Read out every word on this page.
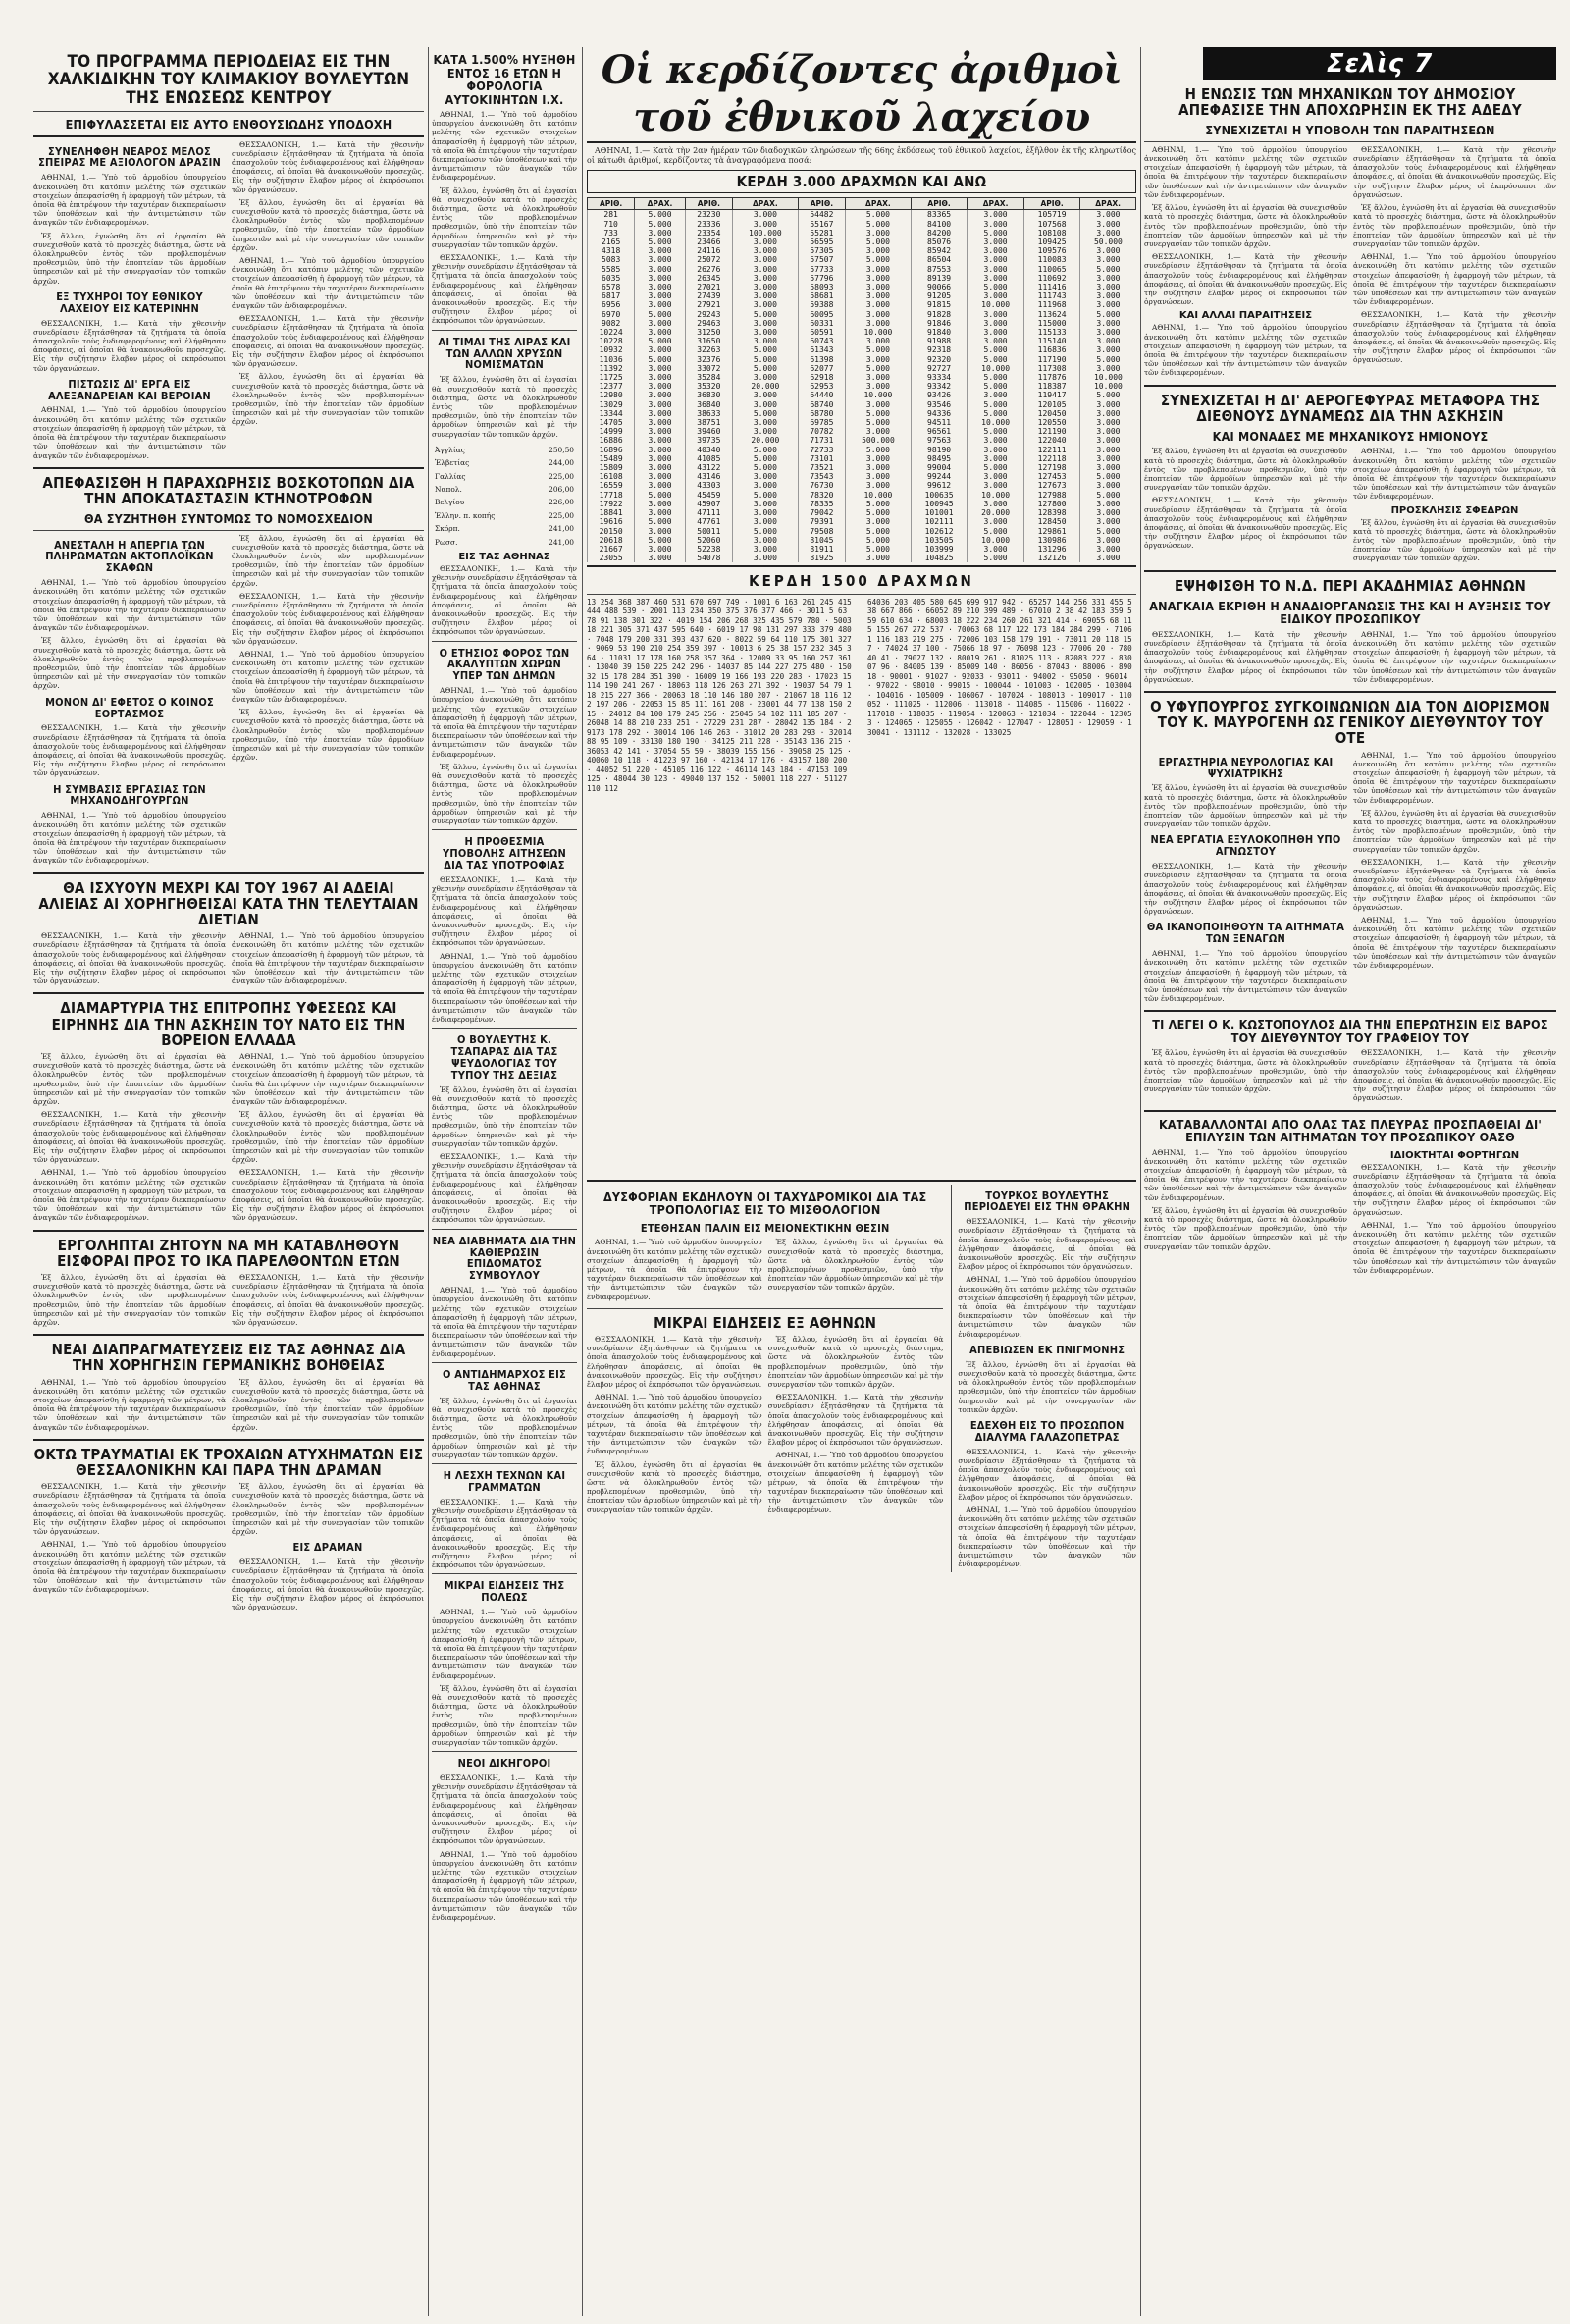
ΤΟ ΠΡΟΓΡΑΜΜΑ ΠΕΡΙΟΔΕΙΑΣ ΕΙΣ ΤΗΝ ΧΑΛΚΙΔΙΚΗΝ ΤΟΥ ΚΛΙΜΑΚΙΟΥ ΒΟΥΛΕΥΤΩΝ ΤΗΣ ΕΝΩΣΕΩΣ ΚΕΝΤΡΟΥ
ΕΠΙΦΥΛΑΣΣΕΤΑΙ ΕΙΣ ΑΥΤΟ ΕΝΘΟΥΣΙΩΔΗΣ ΥΠΟΔΟΧΗ
ΣΥΝΕΛΗΦΘΗ ΝΕΑΡΟΣ ΜΕΛΟΣ ΣΠΕΙΡΑΣ ΜΕ ΑΞΙΟΛΟΓΟΝ ΔΡΑΣΙΝ

ΑΘΗΝΑΙ, 1.— Ὑπὸ τοῦ ἁρμοδίου ὑπουργείου ἀνεκοινώθη ὅτι κατόπιν μελέτης τῶν σχετικῶν στοιχείων ἀπεφασίσθη ἡ ἐφαρμογὴ τῶν μέτρων, τὰ ὁποῖα θὰ ἐπιτρέψουν τὴν ταχυτέραν διεκπεραίωσιν τῶν ὑποθέσεων καὶ τὴν ἀντιμετώπισιν τῶν ἀναγκῶν τῶν ἐνδιαφερομένων.

Ἐξ ἄλλου, ἐγνώσθη ὅτι αἱ ἐργασίαι θὰ συνεχισθοῦν κατὰ τὸ προσεχὲς διάστημα, ὥστε νὰ ὁλοκληρωθοῦν ἐντὸς τῶν προβλεπομένων προθεσμιῶν, ὑπὸ τὴν ἐποπτείαν τῶν ἁρμοδίων ὑπηρεσιῶν καὶ μὲ τὴν συνεργασίαν τῶν τοπικῶν ἀρχῶν.

ΕΞ ΤΥΧΗΡΟΙ ΤΟΥ ΕΘΝΙΚΟΥ ΛΑΧΕΙΟΥ ΕΙΣ ΚΑΤΕΡΙΝΗΝ

ΘΕΣΣΑΛΟΝΙΚΗ, 1.— Κατὰ τὴν χθεσινὴν συνεδρίασιν ἐξητάσθησαν τὰ ζητήματα τὰ ὁποῖα ἀπασχολοῦν τοὺς ἐνδιαφερομένους καὶ ἐλήφθησαν ἀποφάσεις, αἱ ὁποῖαι θὰ ἀνακοινωθοῦν προσεχῶς. Εἰς τὴν συζήτησιν ἔλαβον μέρος οἱ ἐκπρόσωποι τῶν ὀργανώσεων.

ΠΙΣΤΩΣΙΣ ΔΙ' ΕΡΓΑ ΕΙΣ ΑΛΕΞΑΝΔΡΕΙΑΝ ΚΑΙ ΒΕΡΟΙΑΝ

ΑΘΗΝΑΙ, 1.— Ὑπὸ τοῦ ἁρμοδίου ὑπουργείου ἀνεκοινώθη ὅτι κατόπιν μελέτης τῶν σχετικῶν στοιχείων ἀπεφασίσθη ἡ ἐφαρμογὴ τῶν μέτρων, τὰ ὁποῖα θὰ ἐπιτρέψουν τὴν ταχυτέραν διεκπεραίωσιν τῶν ὑποθέσεων καὶ τὴν ἀντιμετώπισιν τῶν ἀναγκῶν τῶν ἐνδιαφερομένων.

ΘΕΣΣΑΛΟΝΙΚΗ, 1.— Κατὰ τὴν χθεσινὴν συνεδρίασιν ἐξητάσθησαν τὰ ζητήματα τὰ ὁποῖα ἀπασχολοῦν τοὺς ἐνδιαφερομένους καὶ ἐλήφθησαν ἀποφάσεις, αἱ ὁποῖαι θὰ ἀνακοινωθοῦν προσεχῶς. Εἰς τὴν συζήτησιν ἔλαβον μέρος οἱ ἐκπρόσωποι τῶν ὀργανώσεων.

Ἐξ ἄλλου, ἐγνώσθη ὅτι αἱ ἐργασίαι θὰ συνεχισθοῦν κατὰ τὸ προσεχὲς διάστημα, ὥστε νὰ ὁλοκληρωθοῦν ἐντὸς τῶν προβλεπομένων προθεσμιῶν, ὑπὸ τὴν ἐποπτείαν τῶν ἁρμοδίων ὑπηρεσιῶν καὶ μὲ τὴν συνεργασίαν τῶν τοπικῶν ἀρχῶν.

ΑΘΗΝΑΙ, 1.— Ὑπὸ τοῦ ἁρμοδίου ὑπουργείου ἀνεκοινώθη ὅτι κατόπιν μελέτης τῶν σχετικῶν στοιχείων ἀπεφασίσθη ἡ ἐφαρμογὴ τῶν μέτρων, τὰ ὁποῖα θὰ ἐπιτρέψουν τὴν ταχυτέραν διεκπεραίωσιν τῶν ὑποθέσεων καὶ τὴν ἀντιμετώπισιν τῶν ἀναγκῶν τῶν ἐνδιαφερομένων.

ΘΕΣΣΑΛΟΝΙΚΗ, 1.— Κατὰ τὴν χθεσινὴν συνεδρίασιν ἐξητάσθησαν τὰ ζητήματα τὰ ὁποῖα ἀπασχολοῦν τοὺς ἐνδιαφερομένους καὶ ἐλήφθησαν ἀποφάσεις, αἱ ὁποῖαι θὰ ἀνακοινωθοῦν προσεχῶς. Εἰς τὴν συζήτησιν ἔλαβον μέρος οἱ ἐκπρόσωποι τῶν ὀργανώσεων.

Ἐξ ἄλλου, ἐγνώσθη ὅτι αἱ ἐργασίαι θὰ συνεχισθοῦν κατὰ τὸ προσεχὲς διάστημα, ὥστε νὰ ὁλοκληρωθοῦν ἐντὸς τῶν προβλεπομένων προθεσμιῶν, ὑπὸ τὴν ἐποπτείαν τῶν ἁρμοδίων ὑπηρεσιῶν καὶ μὲ τὴν συνεργασίαν τῶν τοπικῶν ἀρχῶν.

ΑΠΕΦΑΣΙΣΘΗ Η ΠΑΡΑΧΩΡΗΣΙΣ ΒΟΣΚΟΤΟΠΩΝ ΔΙΑ ΤΗΝ ΑΠΟΚΑΤΑΣΤΑΣΙΝ ΚΤΗΝΟΤΡΟΦΩΝ
ΘΑ ΣΥΖΗΤΗΘΗ ΣΥΝΤΟΜΩΣ ΤΟ ΝΟΜΟΣΧΕΔΙΟΝ
ΑΝΕΣΤΑΛΗ Η ΑΠΕΡΓΙΑ ΤΩΝ ΠΛΗΡΩΜΑΤΩΝ ΑΚΤΟΠΛΟΪΚΩΝ ΣΚΑΦΩΝ

ΑΘΗΝΑΙ, 1.— Ὑπὸ τοῦ ἁρμοδίου ὑπουργείου ἀνεκοινώθη ὅτι κατόπιν μελέτης τῶν σχετικῶν στοιχείων ἀπεφασίσθη ἡ ἐφαρμογὴ τῶν μέτρων, τὰ ὁποῖα θὰ ἐπιτρέψουν τὴν ταχυτέραν διεκπεραίωσιν τῶν ὑποθέσεων καὶ τὴν ἀντιμετώπισιν τῶν ἀναγκῶν τῶν ἐνδιαφερομένων.

Ἐξ ἄλλου, ἐγνώσθη ὅτι αἱ ἐργασίαι θὰ συνεχισθοῦν κατὰ τὸ προσεχὲς διάστημα, ὥστε νὰ ὁλοκληρωθοῦν ἐντὸς τῶν προβλεπομένων προθεσμιῶν, ὑπὸ τὴν ἐποπτείαν τῶν ἁρμοδίων ὑπηρεσιῶν καὶ μὲ τὴν συνεργασίαν τῶν τοπικῶν ἀρχῶν.

ΜΟΝΟΝ ΔΙ' ΕΦΕΤΟΣ Ο ΚΟΙΝΟΣ ΕΟΡΤΑΣΜΟΣ

ΘΕΣΣΑΛΟΝΙΚΗ, 1.— Κατὰ τὴν χθεσινὴν συνεδρίασιν ἐξητάσθησαν τὰ ζητήματα τὰ ὁποῖα ἀπασχολοῦν τοὺς ἐνδιαφερομένους καὶ ἐλήφθησαν ἀποφάσεις, αἱ ὁποῖαι θὰ ἀνακοινωθοῦν προσεχῶς. Εἰς τὴν συζήτησιν ἔλαβον μέρος οἱ ἐκπρόσωποι τῶν ὀργανώσεων.

Η ΣΥΜΒΑΣΙΣ ΕΡΓΑΣΙΑΣ ΤΩΝ ΜΗΧΑΝΟΔΗΓΟΥΡΓΩΝ

ΑΘΗΝΑΙ, 1.— Ὑπὸ τοῦ ἁρμοδίου ὑπουργείου ἀνεκοινώθη ὅτι κατόπιν μελέτης τῶν σχετικῶν στοιχείων ἀπεφασίσθη ἡ ἐφαρμογὴ τῶν μέτρων, τὰ ὁποῖα θὰ ἐπιτρέψουν τὴν ταχυτέραν διεκπεραίωσιν τῶν ὑποθέσεων καὶ τὴν ἀντιμετώπισιν τῶν ἀναγκῶν τῶν ἐνδιαφερομένων.

Ἐξ ἄλλου, ἐγνώσθη ὅτι αἱ ἐργασίαι θὰ συνεχισθοῦν κατὰ τὸ προσεχὲς διάστημα, ὥστε νὰ ὁλοκληρωθοῦν ἐντὸς τῶν προβλεπομένων προθεσμιῶν, ὑπὸ τὴν ἐποπτείαν τῶν ἁρμοδίων ὑπηρεσιῶν καὶ μὲ τὴν συνεργασίαν τῶν τοπικῶν ἀρχῶν.

ΘΕΣΣΑΛΟΝΙΚΗ, 1.— Κατὰ τὴν χθεσινὴν συνεδρίασιν ἐξητάσθησαν τὰ ζητήματα τὰ ὁποῖα ἀπασχολοῦν τοὺς ἐνδιαφερομένους καὶ ἐλήφθησαν ἀποφάσεις, αἱ ὁποῖαι θὰ ἀνακοινωθοῦν προσεχῶς. Εἰς τὴν συζήτησιν ἔλαβον μέρος οἱ ἐκπρόσωποι τῶν ὀργανώσεων.

ΑΘΗΝΑΙ, 1.— Ὑπὸ τοῦ ἁρμοδίου ὑπουργείου ἀνεκοινώθη ὅτι κατόπιν μελέτης τῶν σχετικῶν στοιχείων ἀπεφασίσθη ἡ ἐφαρμογὴ τῶν μέτρων, τὰ ὁποῖα θὰ ἐπιτρέψουν τὴν ταχυτέραν διεκπεραίωσιν τῶν ὑποθέσεων καὶ τὴν ἀντιμετώπισιν τῶν ἀναγκῶν τῶν ἐνδιαφερομένων.

Ἐξ ἄλλου, ἐγνώσθη ὅτι αἱ ἐργασίαι θὰ συνεχισθοῦν κατὰ τὸ προσεχὲς διάστημα, ὥστε νὰ ὁλοκληρωθοῦν ἐντὸς τῶν προβλεπομένων προθεσμιῶν, ὑπὸ τὴν ἐποπτείαν τῶν ἁρμοδίων ὑπηρεσιῶν καὶ μὲ τὴν συνεργασίαν τῶν τοπικῶν ἀρχῶν.

ΘΑ ΙΣΧΥΟΥΝ ΜΕΧΡΙ ΚΑΙ ΤΟΥ 1967 ΑΙ ΑΔΕΙΑΙ ΑΛΙΕΙΑΣ ΑΙ ΧΟΡΗΓΗΘΕΙΣΑΙ ΚΑΤΑ ΤΗΝ ΤΕΛΕΥΤΑΙΑΝ ΔΙΕΤΙΑΝ

ΘΕΣΣΑΛΟΝΙΚΗ, 1.— Κατὰ τὴν χθεσινὴν συνεδρίασιν ἐξητάσθησαν τὰ ζητήματα τὰ ὁποῖα ἀπασχολοῦν τοὺς ἐνδιαφερομένους καὶ ἐλήφθησαν ἀποφάσεις, αἱ ὁποῖαι θὰ ἀνακοινωθοῦν προσεχῶς. Εἰς τὴν συζήτησιν ἔλαβον μέρος οἱ ἐκπρόσωποι τῶν ὀργανώσεων.

ΑΘΗΝΑΙ, 1.— Ὑπὸ τοῦ ἁρμοδίου ὑπουργείου ἀνεκοινώθη ὅτι κατόπιν μελέτης τῶν σχετικῶν στοιχείων ἀπεφασίσθη ἡ ἐφαρμογὴ τῶν μέτρων, τὰ ὁποῖα θὰ ἐπιτρέψουν τὴν ταχυτέραν διεκπεραίωσιν τῶν ὑποθέσεων καὶ τὴν ἀντιμετώπισιν τῶν ἀναγκῶν τῶν ἐνδιαφερομένων.

ΔΙΑΜΑΡΤΥΡΙΑ ΤΗΣ ΕΠΙΤΡΟΠΗΣ ΥΦΕΣΕΩΣ ΚΑΙ ΕΙΡΗΝΗΣ ΔΙΑ ΤΗΝ ΑΣΚΗΣΙΝ ΤΟΥ ΝΑΤΟ ΕΙΣ ΤΗΝ ΒΟΡΕΙΟΝ ΕΛΛΑΔΑ

Ἐξ ἄλλου, ἐγνώσθη ὅτι αἱ ἐργασίαι θὰ συνεχισθοῦν κατὰ τὸ προσεχὲς διάστημα, ὥστε νὰ ὁλοκληρωθοῦν ἐντὸς τῶν προβλεπομένων προθεσμιῶν, ὑπὸ τὴν ἐποπτείαν τῶν ἁρμοδίων ὑπηρεσιῶν καὶ μὲ τὴν συνεργασίαν τῶν τοπικῶν ἀρχῶν.

ΘΕΣΣΑΛΟΝΙΚΗ, 1.— Κατὰ τὴν χθεσινὴν συνεδρίασιν ἐξητάσθησαν τὰ ζητήματα τὰ ὁποῖα ἀπασχολοῦν τοὺς ἐνδιαφερομένους καὶ ἐλήφθησαν ἀποφάσεις, αἱ ὁποῖαι θὰ ἀνακοινωθοῦν προσεχῶς. Εἰς τὴν συζήτησιν ἔλαβον μέρος οἱ ἐκπρόσωποι τῶν ὀργανώσεων.

ΑΘΗΝΑΙ, 1.— Ὑπὸ τοῦ ἁρμοδίου ὑπουργείου ἀνεκοινώθη ὅτι κατόπιν μελέτης τῶν σχετικῶν στοιχείων ἀπεφασίσθη ἡ ἐφαρμογὴ τῶν μέτρων, τὰ ὁποῖα θὰ ἐπιτρέψουν τὴν ταχυτέραν διεκπεραίωσιν τῶν ὑποθέσεων καὶ τὴν ἀντιμετώπισιν τῶν ἀναγκῶν τῶν ἐνδιαφερομένων.

ΑΘΗΝΑΙ, 1.— Ὑπὸ τοῦ ἁρμοδίου ὑπουργείου ἀνεκοινώθη ὅτι κατόπιν μελέτης τῶν σχετικῶν στοιχείων ἀπεφασίσθη ἡ ἐφαρμογὴ τῶν μέτρων, τὰ ὁποῖα θὰ ἐπιτρέψουν τὴν ταχυτέραν διεκπεραίωσιν τῶν ὑποθέσεων καὶ τὴν ἀντιμετώπισιν τῶν ἀναγκῶν τῶν ἐνδιαφερομένων.

Ἐξ ἄλλου, ἐγνώσθη ὅτι αἱ ἐργασίαι θὰ συνεχισθοῦν κατὰ τὸ προσεχὲς διάστημα, ὥστε νὰ ὁλοκληρωθοῦν ἐντὸς τῶν προβλεπομένων προθεσμιῶν, ὑπὸ τὴν ἐποπτείαν τῶν ἁρμοδίων ὑπηρεσιῶν καὶ μὲ τὴν συνεργασίαν τῶν τοπικῶν ἀρχῶν.

ΘΕΣΣΑΛΟΝΙΚΗ, 1.— Κατὰ τὴν χθεσινὴν συνεδρίασιν ἐξητάσθησαν τὰ ζητήματα τὰ ὁποῖα ἀπασχολοῦν τοὺς ἐνδιαφερομένους καὶ ἐλήφθησαν ἀποφάσεις, αἱ ὁποῖαι θὰ ἀνακοινωθοῦν προσεχῶς. Εἰς τὴν συζήτησιν ἔλαβον μέρος οἱ ἐκπρόσωποι τῶν ὀργανώσεων.

ΕΡΓΟΛΗΠΤΑΙ ΖΗΤΟΥΝ ΝΑ ΜΗ ΚΑΤΑΒΛΗΘΟΥΝ ΕΙΣΦΟΡΑΙ ΠΡΟΣ ΤΟ ΙΚΑ ΠΑΡΕΛΘΟΝΤΩΝ ΕΤΩΝ

Ἐξ ἄλλου, ἐγνώσθη ὅτι αἱ ἐργασίαι θὰ συνεχισθοῦν κατὰ τὸ προσεχὲς διάστημα, ὥστε νὰ ὁλοκληρωθοῦν ἐντὸς τῶν προβλεπομένων προθεσμιῶν, ὑπὸ τὴν ἐποπτείαν τῶν ἁρμοδίων ὑπηρεσιῶν καὶ μὲ τὴν συνεργασίαν τῶν τοπικῶν ἀρχῶν.

ΘΕΣΣΑΛΟΝΙΚΗ, 1.— Κατὰ τὴν χθεσινὴν συνεδρίασιν ἐξητάσθησαν τὰ ζητήματα τὰ ὁποῖα ἀπασχολοῦν τοὺς ἐνδιαφερομένους καὶ ἐλήφθησαν ἀποφάσεις, αἱ ὁποῖαι θὰ ἀνακοινωθοῦν προσεχῶς. Εἰς τὴν συζήτησιν ἔλαβον μέρος οἱ ἐκπρόσωποι τῶν ὀργανώσεων.

ΝΕΑΙ ΔΙΑΠΡΑΓΜΑΤΕΥΣΕΙΣ ΕΙΣ ΤΑΣ ΑΘΗΝΑΣ ΔΙΑ ΤΗΝ ΧΟΡΗΓΗΣΙΝ ΓΕΡΜΑΝΙΚΗΣ ΒΟΗΘΕΙΑΣ

ΑΘΗΝΑΙ, 1.— Ὑπὸ τοῦ ἁρμοδίου ὑπουργείου ἀνεκοινώθη ὅτι κατόπιν μελέτης τῶν σχετικῶν στοιχείων ἀπεφασίσθη ἡ ἐφαρμογὴ τῶν μέτρων, τὰ ὁποῖα θὰ ἐπιτρέψουν τὴν ταχυτέραν διεκπεραίωσιν τῶν ὑποθέσεων καὶ τὴν ἀντιμετώπισιν τῶν ἀναγκῶν τῶν ἐνδιαφερομένων.

Ἐξ ἄλλου, ἐγνώσθη ὅτι αἱ ἐργασίαι θὰ συνεχισθοῦν κατὰ τὸ προσεχὲς διάστημα, ὥστε νὰ ὁλοκληρωθοῦν ἐντὸς τῶν προβλεπομένων προθεσμιῶν, ὑπὸ τὴν ἐποπτείαν τῶν ἁρμοδίων ὑπηρεσιῶν καὶ μὲ τὴν συνεργασίαν τῶν τοπικῶν ἀρχῶν.

ΟΚΤΩ ΤΡΑΥΜΑΤΙΑΙ ΕΚ ΤΡΟΧΑΙΩΝ ΑΤΥΧΗΜΑΤΩΝ ΕΙΣ ΘΕΣΣΑΛΟΝΙΚΗΝ ΚΑΙ ΠΑΡΑ ΤΗΝ ΔΡΑΜΑΝ

ΘΕΣΣΑΛΟΝΙΚΗ, 1.— Κατὰ τὴν χθεσινὴν συνεδρίασιν ἐξητάσθησαν τὰ ζητήματα τὰ ὁποῖα ἀπασχολοῦν τοὺς ἐνδιαφερομένους καὶ ἐλήφθησαν ἀποφάσεις, αἱ ὁποῖαι θὰ ἀνακοινωθοῦν προσεχῶς. Εἰς τὴν συζήτησιν ἔλαβον μέρος οἱ ἐκπρόσωποι τῶν ὀργανώσεων.

ΑΘΗΝΑΙ, 1.— Ὑπὸ τοῦ ἁρμοδίου ὑπουργείου ἀνεκοινώθη ὅτι κατόπιν μελέτης τῶν σχετικῶν στοιχείων ἀπεφασίσθη ἡ ἐφαρμογὴ τῶν μέτρων, τὰ ὁποῖα θὰ ἐπιτρέψουν τὴν ταχυτέραν διεκπεραίωσιν τῶν ὑποθέσεων καὶ τὴν ἀντιμετώπισιν τῶν ἀναγκῶν τῶν ἐνδιαφερομένων.

Ἐξ ἄλλου, ἐγνώσθη ὅτι αἱ ἐργασίαι θὰ συνεχισθοῦν κατὰ τὸ προσεχὲς διάστημα, ὥστε νὰ ὁλοκληρωθοῦν ἐντὸς τῶν προβλεπομένων προθεσμιῶν, ὑπὸ τὴν ἐποπτείαν τῶν ἁρμοδίων ὑπηρεσιῶν καὶ μὲ τὴν συνεργασίαν τῶν τοπικῶν ἀρχῶν.

ΕΙΣ ΔΡΑΜΑΝ

ΘΕΣΣΑΛΟΝΙΚΗ, 1.— Κατὰ τὴν χθεσινὴν συνεδρίασιν ἐξητάσθησαν τὰ ζητήματα τὰ ὁποῖα ἀπασχολοῦν τοὺς ἐνδιαφερομένους καὶ ἐλήφθησαν ἀποφάσεις, αἱ ὁποῖαι θὰ ἀνακοινωθοῦν προσεχῶς. Εἰς τὴν συζήτησιν ἔλαβον μέρος οἱ ἐκπρόσωποι τῶν ὀργανώσεων.

ΚΑΤΑ 1.500% ΗΥΞΗΘΗ ΕΝΤΟΣ 16 ΕΤΩΝ Η ΦΟΡΟΛΟΓΙΑ ΑΥΤΟΚΙΝΗΤΩΝ Ι.Χ.

ΑΘΗΝΑΙ, 1.— Ὑπὸ τοῦ ἁρμοδίου ὑπουργείου ἀνεκοινώθη ὅτι κατόπιν μελέτης τῶν σχετικῶν στοιχείων ἀπεφασίσθη ἡ ἐφαρμογὴ τῶν μέτρων, τὰ ὁποῖα θὰ ἐπιτρέψουν τὴν ταχυτέραν διεκπεραίωσιν τῶν ὑποθέσεων καὶ τὴν ἀντιμετώπισιν τῶν ἀναγκῶν τῶν ἐνδιαφερομένων.

Ἐξ ἄλλου, ἐγνώσθη ὅτι αἱ ἐργασίαι θὰ συνεχισθοῦν κατὰ τὸ προσεχὲς διάστημα, ὥστε νὰ ὁλοκληρωθοῦν ἐντὸς τῶν προβλεπομένων προθεσμιῶν, ὑπὸ τὴν ἐποπτείαν τῶν ἁρμοδίων ὑπηρεσιῶν καὶ μὲ τὴν συνεργασίαν τῶν τοπικῶν ἀρχῶν.

ΘΕΣΣΑΛΟΝΙΚΗ, 1.— Κατὰ τὴν χθεσινὴν συνεδρίασιν ἐξητάσθησαν τὰ ζητήματα τὰ ὁποῖα ἀπασχολοῦν τοὺς ἐνδιαφερομένους καὶ ἐλήφθησαν ἀποφάσεις, αἱ ὁποῖαι θὰ ἀνακοινωθοῦν προσεχῶς. Εἰς τὴν συζήτησιν ἔλαβον μέρος οἱ ἐκπρόσωποι τῶν ὀργανώσεων.

ΑΙ ΤΙΜΑΙ ΤΗΣ ΛΙΡΑΣ ΚΑΙ ΤΩΝ ΑΛΛΩΝ ΧΡΥΣΩΝ ΝΟΜΙΣΜΑΤΩΝ

Ἐξ ἄλλου, ἐγνώσθη ὅτι αἱ ἐργασίαι θὰ συνεχισθοῦν κατὰ τὸ προσεχὲς διάστημα, ὥστε νὰ ὁλοκληρωθοῦν ἐντὸς τῶν προβλεπομένων προθεσμιῶν, ὑπὸ τὴν ἐποπτείαν τῶν ἁρμοδίων ὑπηρεσιῶν καὶ μὲ τὴν συνεργασίαν τῶν τοπικῶν ἀρχῶν.

Ἀγγλίας	250,50
Ἐλβετίας	244,00
Γαλλίας	225,00
Ναπολ.	206,00
Βελγίου	226,00
Ἐλλην. π. κοπής	225,00
Σκόρπ.	241,00
Ρωσσ.	241,00
ΕΙΣ ΤΑΣ ΑΘΗΝΑΣ

ΘΕΣΣΑΛΟΝΙΚΗ, 1.— Κατὰ τὴν χθεσινὴν συνεδρίασιν ἐξητάσθησαν τὰ ζητήματα τὰ ὁποῖα ἀπασχολοῦν τοὺς ἐνδιαφερομένους καὶ ἐλήφθησαν ἀποφάσεις, αἱ ὁποῖαι θὰ ἀνακοινωθοῦν προσεχῶς. Εἰς τὴν συζήτησιν ἔλαβον μέρος οἱ ἐκπρόσωποι τῶν ὀργανώσεων.

Ο ΕΤΗΣΙΟΣ ΦΟΡΟΣ ΤΩΝ ΑΚΑΛΥΠΤΩΝ ΧΩΡΩΝ ΥΠΕΡ ΤΩΝ ΔΗΜΩΝ

ΑΘΗΝΑΙ, 1.— Ὑπὸ τοῦ ἁρμοδίου ὑπουργείου ἀνεκοινώθη ὅτι κατόπιν μελέτης τῶν σχετικῶν στοιχείων ἀπεφασίσθη ἡ ἐφαρμογὴ τῶν μέτρων, τὰ ὁποῖα θὰ ἐπιτρέψουν τὴν ταχυτέραν διεκπεραίωσιν τῶν ὑποθέσεων καὶ τὴν ἀντιμετώπισιν τῶν ἀναγκῶν τῶν ἐνδιαφερομένων.

Ἐξ ἄλλου, ἐγνώσθη ὅτι αἱ ἐργασίαι θὰ συνεχισθοῦν κατὰ τὸ προσεχὲς διάστημα, ὥστε νὰ ὁλοκληρωθοῦν ἐντὸς τῶν προβλεπομένων προθεσμιῶν, ὑπὸ τὴν ἐποπτείαν τῶν ἁρμοδίων ὑπηρεσιῶν καὶ μὲ τὴν συνεργασίαν τῶν τοπικῶν ἀρχῶν.

Η ΠΡΟΘΕΣΜΙΑ ΥΠΟΒΟΛΗΣ ΑΙΤΗΣΕΩΝ ΔΙΑ ΤΑΣ ΥΠΟΤΡΟΦΙΑΣ

ΘΕΣΣΑΛΟΝΙΚΗ, 1.— Κατὰ τὴν χθεσινὴν συνεδρίασιν ἐξητάσθησαν τὰ ζητήματα τὰ ὁποῖα ἀπασχολοῦν τοὺς ἐνδιαφερομένους καὶ ἐλήφθησαν ἀποφάσεις, αἱ ὁποῖαι θὰ ἀνακοινωθοῦν προσεχῶς. Εἰς τὴν συζήτησιν ἔλαβον μέρος οἱ ἐκπρόσωποι τῶν ὀργανώσεων.

ΑΘΗΝΑΙ, 1.— Ὑπὸ τοῦ ἁρμοδίου ὑπουργείου ἀνεκοινώθη ὅτι κατόπιν μελέτης τῶν σχετικῶν στοιχείων ἀπεφασίσθη ἡ ἐφαρμογὴ τῶν μέτρων, τὰ ὁποῖα θὰ ἐπιτρέψουν τὴν ταχυτέραν διεκπεραίωσιν τῶν ὑποθέσεων καὶ τὴν ἀντιμετώπισιν τῶν ἀναγκῶν τῶν ἐνδιαφερομένων.

Ο ΒΟΥΛΕΥΤΗΣ Κ. ΤΣΑΠΑΡΑΣ ΔΙΑ ΤΑΣ ΨΕΥΔΟΛΟΓΙΑΣ ΤΟΥ ΤΥΠΟΥ ΤΗΣ ΔΕΞΙΑΣ

Ἐξ ἄλλου, ἐγνώσθη ὅτι αἱ ἐργασίαι θὰ συνεχισθοῦν κατὰ τὸ προσεχὲς διάστημα, ὥστε νὰ ὁλοκληρωθοῦν ἐντὸς τῶν προβλεπομένων προθεσμιῶν, ὑπὸ τὴν ἐποπτείαν τῶν ἁρμοδίων ὑπηρεσιῶν καὶ μὲ τὴν συνεργασίαν τῶν τοπικῶν ἀρχῶν.

ΘΕΣΣΑΛΟΝΙΚΗ, 1.— Κατὰ τὴν χθεσινὴν συνεδρίασιν ἐξητάσθησαν τὰ ζητήματα τὰ ὁποῖα ἀπασχολοῦν τοὺς ἐνδιαφερομένους καὶ ἐλήφθησαν ἀποφάσεις, αἱ ὁποῖαι θὰ ἀνακοινωθοῦν προσεχῶς. Εἰς τὴν συζήτησιν ἔλαβον μέρος οἱ ἐκπρόσωποι τῶν ὀργανώσεων.

ΝΕΑ ΔΙΑΒΗΜΑΤΑ ΔΙΑ ΤΗΝ ΚΑΘΙΕΡΩΣΙΝ ΕΠΙΔΟΜΑΤΟΣ ΣΥΜΒΟΥΛΟΥ

ΑΘΗΝΑΙ, 1.— Ὑπὸ τοῦ ἁρμοδίου ὑπουργείου ἀνεκοινώθη ὅτι κατόπιν μελέτης τῶν σχετικῶν στοιχείων ἀπεφασίσθη ἡ ἐφαρμογὴ τῶν μέτρων, τὰ ὁποῖα θὰ ἐπιτρέψουν τὴν ταχυτέραν διεκπεραίωσιν τῶν ὑποθέσεων καὶ τὴν ἀντιμετώπισιν τῶν ἀναγκῶν τῶν ἐνδιαφερομένων.

Ο ΑΝΤΙΔΗΜΑΡΧΟΣ ΕΙΣ ΤΑΣ ΑΘΗΝΑΣ

Ἐξ ἄλλου, ἐγνώσθη ὅτι αἱ ἐργασίαι θὰ συνεχισθοῦν κατὰ τὸ προσεχὲς διάστημα, ὥστε νὰ ὁλοκληρωθοῦν ἐντὸς τῶν προβλεπομένων προθεσμιῶν, ὑπὸ τὴν ἐποπτείαν τῶν ἁρμοδίων ὑπηρεσιῶν καὶ μὲ τὴν συνεργασίαν τῶν τοπικῶν ἀρχῶν.

Η ΛΕΣΧΗ ΤΕΧΝΩΝ ΚΑΙ ΓΡΑΜΜΑΤΩΝ

ΘΕΣΣΑΛΟΝΙΚΗ, 1.— Κατὰ τὴν χθεσινὴν συνεδρίασιν ἐξητάσθησαν τὰ ζητήματα τὰ ὁποῖα ἀπασχολοῦν τοὺς ἐνδιαφερομένους καὶ ἐλήφθησαν ἀποφάσεις, αἱ ὁποῖαι θὰ ἀνακοινωθοῦν προσεχῶς. Εἰς τὴν συζήτησιν ἔλαβον μέρος οἱ ἐκπρόσωποι τῶν ὀργανώσεων.

ΜΙΚΡΑΙ ΕΙΔΗΣΕΙΣ ΤΗΣ ΠΟΛΕΩΣ

ΑΘΗΝΑΙ, 1.— Ὑπὸ τοῦ ἁρμοδίου ὑπουργείου ἀνεκοινώθη ὅτι κατόπιν μελέτης τῶν σχετικῶν στοιχείων ἀπεφασίσθη ἡ ἐφαρμογὴ τῶν μέτρων, τὰ ὁποῖα θὰ ἐπιτρέψουν τὴν ταχυτέραν διεκπεραίωσιν τῶν ὑποθέσεων καὶ τὴν ἀντιμετώπισιν τῶν ἀναγκῶν τῶν ἐνδιαφερομένων.

Ἐξ ἄλλου, ἐγνώσθη ὅτι αἱ ἐργασίαι θὰ συνεχισθοῦν κατὰ τὸ προσεχὲς διάστημα, ὥστε νὰ ὁλοκληρωθοῦν ἐντὸς τῶν προβλεπομένων προθεσμιῶν, ὑπὸ τὴν ἐποπτείαν τῶν ἁρμοδίων ὑπηρεσιῶν καὶ μὲ τὴν συνεργασίαν τῶν τοπικῶν ἀρχῶν.

ΝΕΟΙ ΔΙΚΗΓΟΡΟΙ

ΘΕΣΣΑΛΟΝΙΚΗ, 1.— Κατὰ τὴν χθεσινὴν συνεδρίασιν ἐξητάσθησαν τὰ ζητήματα τὰ ὁποῖα ἀπασχολοῦν τοὺς ἐνδιαφερομένους καὶ ἐλήφθησαν ἀποφάσεις, αἱ ὁποῖαι θὰ ἀνακοινωθοῦν προσεχῶς. Εἰς τὴν συζήτησιν ἔλαβον μέρος οἱ ἐκπρόσωποι τῶν ὀργανώσεων.

ΑΘΗΝΑΙ, 1.— Ὑπὸ τοῦ ἁρμοδίου ὑπουργείου ἀνεκοινώθη ὅτι κατόπιν μελέτης τῶν σχετικῶν στοιχείων ἀπεφασίσθη ἡ ἐφαρμογὴ τῶν μέτρων, τὰ ὁποῖα θὰ ἐπιτρέψουν τὴν ταχυτέραν διεκπεραίωσιν τῶν ὑποθέσεων καὶ τὴν ἀντιμετώπισιν τῶν ἀναγκῶν τῶν ἐνδιαφερομένων.

Οἱ κερδίζοντες ἀριθμοὶ τοῦ ἐθνικοῦ λαχείου

ΑΘΗΝΑΙ, 1.— Κατὰ τὴν 2αν ἡμέραν τῶν διαδοχικῶν κληρώσεων τῆς 66ης ἐκδόσεως τοῦ ἐθνικοῦ λαχείου, ἐξῆλθον ἐκ τῆς κληρωτίδος οἱ κάτωθι ἀριθμοί, κερδίζοντες τὰ ἀναγραφόμενα ποσά:

ΚΕΡΔΗ 3.000 ΔΡΑΧΜΩΝ ΚΑΙ ΑΝΩ
ΑΡΙΘ.	ΔΡΑΧ.	ΑΡΙΘ.	ΔΡΑΧ.	ΑΡΙΘ.	ΔΡΑΧ.	ΑΡΙΘ.	ΔΡΑΧ.	ΑΡΙΘ.	ΔΡΑΧ.
281	5.000	23230	3.000	54482	5.000	83365	3.000	105719	3.000
710	5.000	23336	3.000	55167	5.000	84100	3.000	107568	3.000
733	3.000	23354	100.000	55281	3.000	84200	5.000	108108	3.000
2165	5.000	23466	3.000	56595	5.000	85076	3.000	109425	50.000
4318	3.000	24116	3.000	57305	3.000	85942	3.000	109576	3.000
5083	3.000	25072	3.000	57507	5.000	86504	3.000	110083	3.000
5585	3.000	26276	3.000	57733	3.000	87553	3.000	110065	5.000
6035	3.000	26345	3.000	57796	3.000	89139	3.000	110692	3.000
6578	3.000	27021	3.000	58093	3.000	90066	5.000	111416	3.000
6817	3.000	27439	3.000	58681	3.000	91205	3.000	111743	3.000
6956	3.000	27921	3.000	59388	3.000	91815	10.000	111968	3.000
6970	5.000	29243	5.000	60095	3.000	91828	3.000	113624	5.000
9082	3.000	29463	3.000	60331	3.000	91846	3.000	115000	3.000
10224	3.000	31250	3.000	60591	10.000	91840	3.000	115133	3.000
10228	5.000	31650	3.000	60743	3.000	91988	3.000	115140	3.000
10932	3.000	32263	5.000	61343	5.000	92318	5.000	116836	3.000
11036	5.000	32376	5.000	61398	3.000	92320	5.000	117190	5.000
11392	3.000	33072	5.000	62077	5.000	92727	10.000	117308	3.000
11725	3.000	35284	3.000	62918	3.000	93334	5.000	117876	10.000
12377	3.000	35320	20.000	62953	3.000	93342	5.000	118387	10.000
12980	3.000	36830	3.000	64440	10.000	93426	3.000	119417	5.000
13029	3.000	36840	3.000	68740	3.000	93546	5.000	120105	3.000
13344	3.000	38633	5.000	68780	5.000	94336	5.000	120450	3.000
14705	3.000	38751	3.000	69785	5.000	94511	10.000	120550	3.000
14999	3.000	39460	3.000	70782	3.000	96561	5.000	121190	3.000
16886	3.000	39735	20.000	71731	500.000	97563	3.000	122040	3.000
16896	3.000	40340	5.000	72733	5.000	98190	3.000	122111	3.000
15489	3.000	41085	5.000	73101	3.000	98495	3.000	122118	3.000
15809	3.000	43122	5.000	73521	3.000	99004	5.000	127198	3.000
16108	3.000	43146	3.000	73543	3.000	99244	3.000	127453	5.000
16559	3.000	43303	3.000	76730	3.000	99612	3.000	127673	3.000
17718	5.000	45459	5.000	78320	10.000	100635	10.000	127988	5.000
17922	3.000	45907	3.000	78335	5.000	100945	3.000	127800	3.000
18841	3.000	47111	3.000	79042	5.000	101001	20.000	128398	3.000
19616	5.000	47761	3.000	79391	3.000	102111	3.000	128450	3.000
20150	3.000	50011	5.000	79508	5.000	102612	5.000	129861	5.000
20618	5.000	52060	3.000	81045	5.000	103505	10.000	130986	3.000
21667	3.000	52238	3.000	81911	5.000	103999	3.000	131296	3.000
23055	3.000	54078	3.000	81925	3.000	104825	5.000	132126	3.000
ΚΕΡΔΗ 1500 ΔΡΑΧΜΩΝ

13 254 368 387 460 531 670 697 749 · 1001 6 163 261 245 415 444 488 539 · 2001 113 234 350 375 376 377 466 · 3011 5 63 78 91 138 301 322 · 4019 154 206 268 325 435 579 780 · 5003 18 221 305 371 437 595 640 · 6019 17 98 131 297 333 379 480 · 7048 179 200 331 393 437 620 · 8022 59 64 110 175 301 327 · 9069 53 190 210 254 359 397 · 10013 6 25 38 157 232 345 364 · 11031 17 178 160 258 357 364 · 12009 33 95 160 257 361 · 13040 39 150 225 242 296 · 14037 85 144 227 275 480 · 15032 15 178 284 351 390 · 16009 19 166 193 220 283 · 17023 15 114 190 241 267 · 18063 118 126 263 271 392 · 19037 54 79 118 215 227 366 · 20063 18 110 146 180 207 · 21067 18 116 122 197 206 · 22053 15 85 111 161 208 · 23001 44 77 138 150 215 · 24012 84 100 179 245 256 · 25045 54 102 111 185 207 · 26048 14 88 210 233 251 · 27229 231 287 · 28042 135 184 · 29173 178 292 · 30014 106 146 263 · 31012 20 283 293 · 32014 88 95 109 · 33130 180 190 · 34125 211 228 · 35143 136 215 · 36053 42 141 · 37054 55 59 · 38039 155 156 · 39058 25 125 · 40060 10 118 · 41223 97 160 · 42134 17 176 · 43157 180 200 · 44052 51 220 · 45105 116 122 · 46114 143 184 · 47153 109 125 · 48044 30 123 · 49040 137 152 · 50001 118 227 · 51127 110 112

64036 203 405 580 645 699 917 942 · 65257 144 256 331 455 538 667 866 · 66052 89 210 399 489 · 67010 2 38 42 183 359 559 610 634 · 68003 18 222 234 260 261 321 414 · 69055 68 115 155 267 272 537 · 70063 68 117 122 173 184 284 299 · 71061 116 183 219 275 · 72006 103 158 179 191 · 73011 20 118 157 · 74024 37 100 · 75066 18 97 · 76098 123 · 77006 20 · 78040 41 · 79027 132 · 80019 261 · 81025 113 · 82083 227 · 83007 96 · 84005 139 · 85009 140 · 86056 · 87043 · 88006 · 89018 · 90001 · 91027 · 92033 · 93011 · 94002 · 95050 · 96014 · 97022 · 98010 · 99015 · 100044 · 101003 · 102005 · 103004 · 104016 · 105009 · 106067 · 107024 · 108013 · 109017 · 110052 · 111025 · 112006 · 113018 · 114085 · 115006 · 116022 · 117018 · 118035 · 119054 · 120063 · 121034 · 122044 · 123053 · 124065 · 125055 · 126042 · 127047 · 128051 · 129059 · 130041 · 131112 · 132028 · 133025

ΔΥΣΦΟΡΙΑΝ ΕΚΔΗΛΟΥΝ ΟΙ ΤΑΧΥΔΡΟΜΙΚΟΙ ΔΙΑ ΤΑΣ ΤΡΟΠΟΛΟΓΙΑΣ ΕΙΣ ΤΟ ΜΙΣΘΟΛΟΓΙΟΝ
ΕΤΕΘΗΣΑΝ ΠΑΛΙΝ ΕΙΣ ΜΕΙΟΝΕΚΤΙΚΗΝ ΘΕΣΙΝ

ΑΘΗΝΑΙ, 1.— Ὑπὸ τοῦ ἁρμοδίου ὑπουργείου ἀνεκοινώθη ὅτι κατόπιν μελέτης τῶν σχετικῶν στοιχείων ἀπεφασίσθη ἡ ἐφαρμογὴ τῶν μέτρων, τὰ ὁποῖα θὰ ἐπιτρέψουν τὴν ταχυτέραν διεκπεραίωσιν τῶν ὑποθέσεων καὶ τὴν ἀντιμετώπισιν τῶν ἀναγκῶν τῶν ἐνδιαφερομένων.

Ἐξ ἄλλου, ἐγνώσθη ὅτι αἱ ἐργασίαι θὰ συνεχισθοῦν κατὰ τὸ προσεχὲς διάστημα, ὥστε νὰ ὁλοκληρωθοῦν ἐντὸς τῶν προβλεπομένων προθεσμιῶν, ὑπὸ τὴν ἐποπτείαν τῶν ἁρμοδίων ὑπηρεσιῶν καὶ μὲ τὴν συνεργασίαν τῶν τοπικῶν ἀρχῶν.

ΜΙΚΡΑΙ ΕΙΔΗΣΕΙΣ ΕΞ ΑΘΗΝΩΝ

ΘΕΣΣΑΛΟΝΙΚΗ, 1.— Κατὰ τὴν χθεσινὴν συνεδρίασιν ἐξητάσθησαν τὰ ζητήματα τὰ ὁποῖα ἀπασχολοῦν τοὺς ἐνδιαφερομένους καὶ ἐλήφθησαν ἀποφάσεις, αἱ ὁποῖαι θὰ ἀνακοινωθοῦν προσεχῶς. Εἰς τὴν συζήτησιν ἔλαβον μέρος οἱ ἐκπρόσωποι τῶν ὀργανώσεων.

ΑΘΗΝΑΙ, 1.— Ὑπὸ τοῦ ἁρμοδίου ὑπουργείου ἀνεκοινώθη ὅτι κατόπιν μελέτης τῶν σχετικῶν στοιχείων ἀπεφασίσθη ἡ ἐφαρμογὴ τῶν μέτρων, τὰ ὁποῖα θὰ ἐπιτρέψουν τὴν ταχυτέραν διεκπεραίωσιν τῶν ὑποθέσεων καὶ τὴν ἀντιμετώπισιν τῶν ἀναγκῶν τῶν ἐνδιαφερομένων.

Ἐξ ἄλλου, ἐγνώσθη ὅτι αἱ ἐργασίαι θὰ συνεχισθοῦν κατὰ τὸ προσεχὲς διάστημα, ὥστε νὰ ὁλοκληρωθοῦν ἐντὸς τῶν προβλεπομένων προθεσμιῶν, ὑπὸ τὴν ἐποπτείαν τῶν ἁρμοδίων ὑπηρεσιῶν καὶ μὲ τὴν συνεργασίαν τῶν τοπικῶν ἀρχῶν.

Ἐξ ἄλλου, ἐγνώσθη ὅτι αἱ ἐργασίαι θὰ συνεχισθοῦν κατὰ τὸ προσεχὲς διάστημα, ὥστε νὰ ὁλοκληρωθοῦν ἐντὸς τῶν προβλεπομένων προθεσμιῶν, ὑπὸ τὴν ἐποπτείαν τῶν ἁρμοδίων ὑπηρεσιῶν καὶ μὲ τὴν συνεργασίαν τῶν τοπικῶν ἀρχῶν.

ΘΕΣΣΑΛΟΝΙΚΗ, 1.— Κατὰ τὴν χθεσινὴν συνεδρίασιν ἐξητάσθησαν τὰ ζητήματα τὰ ὁποῖα ἀπασχολοῦν τοὺς ἐνδιαφερομένους καὶ ἐλήφθησαν ἀποφάσεις, αἱ ὁποῖαι θὰ ἀνακοινωθοῦν προσεχῶς. Εἰς τὴν συζήτησιν ἔλαβον μέρος οἱ ἐκπρόσωποι τῶν ὀργανώσεων.

ΑΘΗΝΑΙ, 1.— Ὑπὸ τοῦ ἁρμοδίου ὑπουργείου ἀνεκοινώθη ὅτι κατόπιν μελέτης τῶν σχετικῶν στοιχείων ἀπεφασίσθη ἡ ἐφαρμογὴ τῶν μέτρων, τὰ ὁποῖα θὰ ἐπιτρέψουν τὴν ταχυτέραν διεκπεραίωσιν τῶν ὑποθέσεων καὶ τὴν ἀντιμετώπισιν τῶν ἀναγκῶν τῶν ἐνδιαφερομένων.

ΤΟΥΡΚΟΣ ΒΟΥΛΕΥΤΗΣ ΠΕΡΙΟΔΕΥΕΙ ΕΙΣ ΤΗΝ ΘΡΑΚΗΝ

ΘΕΣΣΑΛΟΝΙΚΗ, 1.— Κατὰ τὴν χθεσινὴν συνεδρίασιν ἐξητάσθησαν τὰ ζητήματα τὰ ὁποῖα ἀπασχολοῦν τοὺς ἐνδιαφερομένους καὶ ἐλήφθησαν ἀποφάσεις, αἱ ὁποῖαι θὰ ἀνακοινωθοῦν προσεχῶς. Εἰς τὴν συζήτησιν ἔλαβον μέρος οἱ ἐκπρόσωποι τῶν ὀργανώσεων.

ΑΘΗΝΑΙ, 1.— Ὑπὸ τοῦ ἁρμοδίου ὑπουργείου ἀνεκοινώθη ὅτι κατόπιν μελέτης τῶν σχετικῶν στοιχείων ἀπεφασίσθη ἡ ἐφαρμογὴ τῶν μέτρων, τὰ ὁποῖα θὰ ἐπιτρέψουν τὴν ταχυτέραν διεκπεραίωσιν τῶν ὑποθέσεων καὶ τὴν ἀντιμετώπισιν τῶν ἀναγκῶν τῶν ἐνδιαφερομένων.

ΑΠΕΒΙΩΣΕΝ ΕΚ ΠΝΙΓΜΟΝΗΣ

Ἐξ ἄλλου, ἐγνώσθη ὅτι αἱ ἐργασίαι θὰ συνεχισθοῦν κατὰ τὸ προσεχὲς διάστημα, ὥστε νὰ ὁλοκληρωθοῦν ἐντὸς τῶν προβλεπομένων προθεσμιῶν, ὑπὸ τὴν ἐποπτείαν τῶν ἁρμοδίων ὑπηρεσιῶν καὶ μὲ τὴν συνεργασίαν τῶν τοπικῶν ἀρχῶν.

ΕΔΕΧΘΗ ΕΙΣ ΤΟ ΠΡΟΣΩΠΟΝ ΔΙΑΛΥΜΑ ΓΑΛΑΖΟΠΕΤΡΑΣ

ΘΕΣΣΑΛΟΝΙΚΗ, 1.— Κατὰ τὴν χθεσινὴν συνεδρίασιν ἐξητάσθησαν τὰ ζητήματα τὰ ὁποῖα ἀπασχολοῦν τοὺς ἐνδιαφερομένους καὶ ἐλήφθησαν ἀποφάσεις, αἱ ὁποῖαι θὰ ἀνακοινωθοῦν προσεχῶς. Εἰς τὴν συζήτησιν ἔλαβον μέρος οἱ ἐκπρόσωποι τῶν ὀργανώσεων.

ΑΘΗΝΑΙ, 1.— Ὑπὸ τοῦ ἁρμοδίου ὑπουργείου ἀνεκοινώθη ὅτι κατόπιν μελέτης τῶν σχετικῶν στοιχείων ἀπεφασίσθη ἡ ἐφαρμογὴ τῶν μέτρων, τὰ ὁποῖα θὰ ἐπιτρέψουν τὴν ταχυτέραν διεκπεραίωσιν τῶν ὑποθέσεων καὶ τὴν ἀντιμετώπισιν τῶν ἀναγκῶν τῶν ἐνδιαφερομένων.

Σελὶς 7
Η ΕΝΩΣΙΣ ΤΩΝ ΜΗΧΑΝΙΚΩΝ ΤΟΥ ΔΗΜΟΣΙΟΥ ΑΠΕΦΑΣΙΣΕ ΤΗΝ ΑΠΟΧΩΡΗΣΙΝ ΕΚ ΤΗΣ ΑΔΕΔΥ
ΣΥΝΕΧΙΖΕΤΑΙ Η ΥΠΟΒΟΛΗ ΤΩΝ ΠΑΡΑΙΤΗΣΕΩΝ

ΑΘΗΝΑΙ, 1.— Ὑπὸ τοῦ ἁρμοδίου ὑπουργείου ἀνεκοινώθη ὅτι κατόπιν μελέτης τῶν σχετικῶν στοιχείων ἀπεφασίσθη ἡ ἐφαρμογὴ τῶν μέτρων, τὰ ὁποῖα θὰ ἐπιτρέψουν τὴν ταχυτέραν διεκπεραίωσιν τῶν ὑποθέσεων καὶ τὴν ἀντιμετώπισιν τῶν ἀναγκῶν τῶν ἐνδιαφερομένων.

Ἐξ ἄλλου, ἐγνώσθη ὅτι αἱ ἐργασίαι θὰ συνεχισθοῦν κατὰ τὸ προσεχὲς διάστημα, ὥστε νὰ ὁλοκληρωθοῦν ἐντὸς τῶν προβλεπομένων προθεσμιῶν, ὑπὸ τὴν ἐποπτείαν τῶν ἁρμοδίων ὑπηρεσιῶν καὶ μὲ τὴν συνεργασίαν τῶν τοπικῶν ἀρχῶν.

ΘΕΣΣΑΛΟΝΙΚΗ, 1.— Κατὰ τὴν χθεσινὴν συνεδρίασιν ἐξητάσθησαν τὰ ζητήματα τὰ ὁποῖα ἀπασχολοῦν τοὺς ἐνδιαφερομένους καὶ ἐλήφθησαν ἀποφάσεις, αἱ ὁποῖαι θὰ ἀνακοινωθοῦν προσεχῶς. Εἰς τὴν συζήτησιν ἔλαβον μέρος οἱ ἐκπρόσωποι τῶν ὀργανώσεων.

ΚΑΙ ΑΛΛΑΙ ΠΑΡΑΙΤΗΣΕΙΣ

ΑΘΗΝΑΙ, 1.— Ὑπὸ τοῦ ἁρμοδίου ὑπουργείου ἀνεκοινώθη ὅτι κατόπιν μελέτης τῶν σχετικῶν στοιχείων ἀπεφασίσθη ἡ ἐφαρμογὴ τῶν μέτρων, τὰ ὁποῖα θὰ ἐπιτρέψουν τὴν ταχυτέραν διεκπεραίωσιν τῶν ὑποθέσεων καὶ τὴν ἀντιμετώπισιν τῶν ἀναγκῶν τῶν ἐνδιαφερομένων.

ΘΕΣΣΑΛΟΝΙΚΗ, 1.— Κατὰ τὴν χθεσινὴν συνεδρίασιν ἐξητάσθησαν τὰ ζητήματα τὰ ὁποῖα ἀπασχολοῦν τοὺς ἐνδιαφερομένους καὶ ἐλήφθησαν ἀποφάσεις, αἱ ὁποῖαι θὰ ἀνακοινωθοῦν προσεχῶς. Εἰς τὴν συζήτησιν ἔλαβον μέρος οἱ ἐκπρόσωποι τῶν ὀργανώσεων.

Ἐξ ἄλλου, ἐγνώσθη ὅτι αἱ ἐργασίαι θὰ συνεχισθοῦν κατὰ τὸ προσεχὲς διάστημα, ὥστε νὰ ὁλοκληρωθοῦν ἐντὸς τῶν προβλεπομένων προθεσμιῶν, ὑπὸ τὴν ἐποπτείαν τῶν ἁρμοδίων ὑπηρεσιῶν καὶ μὲ τὴν συνεργασίαν τῶν τοπικῶν ἀρχῶν.

ΑΘΗΝΑΙ, 1.— Ὑπὸ τοῦ ἁρμοδίου ὑπουργείου ἀνεκοινώθη ὅτι κατόπιν μελέτης τῶν σχετικῶν στοιχείων ἀπεφασίσθη ἡ ἐφαρμογὴ τῶν μέτρων, τὰ ὁποῖα θὰ ἐπιτρέψουν τὴν ταχυτέραν διεκπεραίωσιν τῶν ὑποθέσεων καὶ τὴν ἀντιμετώπισιν τῶν ἀναγκῶν τῶν ἐνδιαφερομένων.

ΘΕΣΣΑΛΟΝΙΚΗ, 1.— Κατὰ τὴν χθεσινὴν συνεδρίασιν ἐξητάσθησαν τὰ ζητήματα τὰ ὁποῖα ἀπασχολοῦν τοὺς ἐνδιαφερομένους καὶ ἐλήφθησαν ἀποφάσεις, αἱ ὁποῖαι θὰ ἀνακοινωθοῦν προσεχῶς. Εἰς τὴν συζήτησιν ἔλαβον μέρος οἱ ἐκπρόσωποι τῶν ὀργανώσεων.

ΣΥΝΕΧΙΖΕΤΑΙ Η ΔΙ' ΑΕΡΟΓΕΦΥΡΑΣ ΜΕΤΑΦΟΡΑ ΤΗΣ ΔΙΕΘΝΟΥΣ ΔΥΝΑΜΕΩΣ ΔΙΑ ΤΗΝ ΑΣΚΗΣΙΝ
ΚΑΙ ΜΟΝΑΔΕΣ ΜΕ ΜΗΧΑΝΙΚΟΥΣ ΗΜΙΟΝΟΥΣ

Ἐξ ἄλλου, ἐγνώσθη ὅτι αἱ ἐργασίαι θὰ συνεχισθοῦν κατὰ τὸ προσεχὲς διάστημα, ὥστε νὰ ὁλοκληρωθοῦν ἐντὸς τῶν προβλεπομένων προθεσμιῶν, ὑπὸ τὴν ἐποπτείαν τῶν ἁρμοδίων ὑπηρεσιῶν καὶ μὲ τὴν συνεργασίαν τῶν τοπικῶν ἀρχῶν.

ΘΕΣΣΑΛΟΝΙΚΗ, 1.— Κατὰ τὴν χθεσινὴν συνεδρίασιν ἐξητάσθησαν τὰ ζητήματα τὰ ὁποῖα ἀπασχολοῦν τοὺς ἐνδιαφερομένους καὶ ἐλήφθησαν ἀποφάσεις, αἱ ὁποῖαι θὰ ἀνακοινωθοῦν προσεχῶς. Εἰς τὴν συζήτησιν ἔλαβον μέρος οἱ ἐκπρόσωποι τῶν ὀργανώσεων.

ΑΘΗΝΑΙ, 1.— Ὑπὸ τοῦ ἁρμοδίου ὑπουργείου ἀνεκοινώθη ὅτι κατόπιν μελέτης τῶν σχετικῶν στοιχείων ἀπεφασίσθη ἡ ἐφαρμογὴ τῶν μέτρων, τὰ ὁποῖα θὰ ἐπιτρέψουν τὴν ταχυτέραν διεκπεραίωσιν τῶν ὑποθέσεων καὶ τὴν ἀντιμετώπισιν τῶν ἀναγκῶν τῶν ἐνδιαφερομένων.

ΠΡΟΣΚΛΗΣΙΣ ΣΦΕΔΡΩΝ

Ἐξ ἄλλου, ἐγνώσθη ὅτι αἱ ἐργασίαι θὰ συνεχισθοῦν κατὰ τὸ προσεχὲς διάστημα, ὥστε νὰ ὁλοκληρωθοῦν ἐντὸς τῶν προβλεπομένων προθεσμιῶν, ὑπὸ τὴν ἐποπτείαν τῶν ἁρμοδίων ὑπηρεσιῶν καὶ μὲ τὴν συνεργασίαν τῶν τοπικῶν ἀρχῶν.

ΕΨΗΦΙΣΘΗ ΤΟ Ν.Δ. ΠΕΡΙ ΑΚΑΔΗΜΙΑΣ ΑΘΗΝΩΝ
ΑΝΑΓΚΑΙΑ ΕΚΡΙΘΗ Η ΑΝΑΔΙΟΡΓΑΝΩΣΙΣ ΤΗΣ ΚΑΙ Η ΑΥΞΗΣΙΣ ΤΟΥ ΕΙΔΙΚΟΥ ΠΡΟΣΩΠΙΚΟΥ

ΘΕΣΣΑΛΟΝΙΚΗ, 1.— Κατὰ τὴν χθεσινὴν συνεδρίασιν ἐξητάσθησαν τὰ ζητήματα τὰ ὁποῖα ἀπασχολοῦν τοὺς ἐνδιαφερομένους καὶ ἐλήφθησαν ἀποφάσεις, αἱ ὁποῖαι θὰ ἀνακοινωθοῦν προσεχῶς. Εἰς τὴν συζήτησιν ἔλαβον μέρος οἱ ἐκπρόσωποι τῶν ὀργανώσεων.

ΑΘΗΝΑΙ, 1.— Ὑπὸ τοῦ ἁρμοδίου ὑπουργείου ἀνεκοινώθη ὅτι κατόπιν μελέτης τῶν σχετικῶν στοιχείων ἀπεφασίσθη ἡ ἐφαρμογὴ τῶν μέτρων, τὰ ὁποῖα θὰ ἐπιτρέψουν τὴν ταχυτέραν διεκπεραίωσιν τῶν ὑποθέσεων καὶ τὴν ἀντιμετώπισιν τῶν ἀναγκῶν τῶν ἐνδιαφερομένων.

Ο ΥΦΥΠΟΥΡΓΟΣ ΣΥΓΚΟΙΝΩΝΙΩΝ ΔΙΑ ΤΟΝ ΔΙΟΡΙΣΜΟΝ ΤΟΥ Κ. ΜΑΥΡΟΓΕΝΗ ΩΣ ΓΕΝΙΚΟΥ ΔΙΕΥΘΥΝΤΟΥ ΤΟΥ ΟΤΕ
ΕΡΓΑΣΤΗΡΙΑ ΝΕΥΡΟΛΟΓΙΑΣ ΚΑΙ ΨΥΧΙΑΤΡΙΚΗΣ

Ἐξ ἄλλου, ἐγνώσθη ὅτι αἱ ἐργασίαι θὰ συνεχισθοῦν κατὰ τὸ προσεχὲς διάστημα, ὥστε νὰ ὁλοκληρωθοῦν ἐντὸς τῶν προβλεπομένων προθεσμιῶν, ὑπὸ τὴν ἐποπτείαν τῶν ἁρμοδίων ὑπηρεσιῶν καὶ μὲ τὴν συνεργασίαν τῶν τοπικῶν ἀρχῶν.

ΝΕΑ ΕΡΓΑΤΙΑ ΕΞΥΛΟΚΟΠΗΘΗ ΥΠΟ ΑΓΝΩΣΤΟΥ

ΘΕΣΣΑΛΟΝΙΚΗ, 1.— Κατὰ τὴν χθεσινὴν συνεδρίασιν ἐξητάσθησαν τὰ ζητήματα τὰ ὁποῖα ἀπασχολοῦν τοὺς ἐνδιαφερομένους καὶ ἐλήφθησαν ἀποφάσεις, αἱ ὁποῖαι θὰ ἀνακοινωθοῦν προσεχῶς. Εἰς τὴν συζήτησιν ἔλαβον μέρος οἱ ἐκπρόσωποι τῶν ὀργανώσεων.

ΘΑ ΙΚΑΝΟΠΟΙΗΘΟΥΝ ΤΑ ΑΙΤΗΜΑΤΑ ΤΩΝ ΞΕΝΑΓΩΝ

ΑΘΗΝΑΙ, 1.— Ὑπὸ τοῦ ἁρμοδίου ὑπουργείου ἀνεκοινώθη ὅτι κατόπιν μελέτης τῶν σχετικῶν στοιχείων ἀπεφασίσθη ἡ ἐφαρμογὴ τῶν μέτρων, τὰ ὁποῖα θὰ ἐπιτρέψουν τὴν ταχυτέραν διεκπεραίωσιν τῶν ὑποθέσεων καὶ τὴν ἀντιμετώπισιν τῶν ἀναγκῶν τῶν ἐνδιαφερομένων.

ΑΘΗΝΑΙ, 1.— Ὑπὸ τοῦ ἁρμοδίου ὑπουργείου ἀνεκοινώθη ὅτι κατόπιν μελέτης τῶν σχετικῶν στοιχείων ἀπεφασίσθη ἡ ἐφαρμογὴ τῶν μέτρων, τὰ ὁποῖα θὰ ἐπιτρέψουν τὴν ταχυτέραν διεκπεραίωσιν τῶν ὑποθέσεων καὶ τὴν ἀντιμετώπισιν τῶν ἀναγκῶν τῶν ἐνδιαφερομένων.

Ἐξ ἄλλου, ἐγνώσθη ὅτι αἱ ἐργασίαι θὰ συνεχισθοῦν κατὰ τὸ προσεχὲς διάστημα, ὥστε νὰ ὁλοκληρωθοῦν ἐντὸς τῶν προβλεπομένων προθεσμιῶν, ὑπὸ τὴν ἐποπτείαν τῶν ἁρμοδίων ὑπηρεσιῶν καὶ μὲ τὴν συνεργασίαν τῶν τοπικῶν ἀρχῶν.

ΘΕΣΣΑΛΟΝΙΚΗ, 1.— Κατὰ τὴν χθεσινὴν συνεδρίασιν ἐξητάσθησαν τὰ ζητήματα τὰ ὁποῖα ἀπασχολοῦν τοὺς ἐνδιαφερομένους καὶ ἐλήφθησαν ἀποφάσεις, αἱ ὁποῖαι θὰ ἀνακοινωθοῦν προσεχῶς. Εἰς τὴν συζήτησιν ἔλαβον μέρος οἱ ἐκπρόσωποι τῶν ὀργανώσεων.

ΑΘΗΝΑΙ, 1.— Ὑπὸ τοῦ ἁρμοδίου ὑπουργείου ἀνεκοινώθη ὅτι κατόπιν μελέτης τῶν σχετικῶν στοιχείων ἀπεφασίσθη ἡ ἐφαρμογὴ τῶν μέτρων, τὰ ὁποῖα θὰ ἐπιτρέψουν τὴν ταχυτέραν διεκπεραίωσιν τῶν ὑποθέσεων καὶ τὴν ἀντιμετώπισιν τῶν ἀναγκῶν τῶν ἐνδιαφερομένων.

ΤΙ ΛΕΓΕΙ Ο Κ. ΚΩΣΤΟΠΟΥΛΟΣ ΔΙΑ ΤΗΝ ΕΠΕΡΩΤΗΣΙΝ ΕΙΣ ΒΑΡΟΣ ΤΟΥ ΔΙΕΥΘΥΝΤΟΥ ΤΟΥ ΓΡΑΦΕΙΟΥ ΤΟΥ

Ἐξ ἄλλου, ἐγνώσθη ὅτι αἱ ἐργασίαι θὰ συνεχισθοῦν κατὰ τὸ προσεχὲς διάστημα, ὥστε νὰ ὁλοκληρωθοῦν ἐντὸς τῶν προβλεπομένων προθεσμιῶν, ὑπὸ τὴν ἐποπτείαν τῶν ἁρμοδίων ὑπηρεσιῶν καὶ μὲ τὴν συνεργασίαν τῶν τοπικῶν ἀρχῶν.

ΘΕΣΣΑΛΟΝΙΚΗ, 1.— Κατὰ τὴν χθεσινὴν συνεδρίασιν ἐξητάσθησαν τὰ ζητήματα τὰ ὁποῖα ἀπασχολοῦν τοὺς ἐνδιαφερομένους καὶ ἐλήφθησαν ἀποφάσεις, αἱ ὁποῖαι θὰ ἀνακοινωθοῦν προσεχῶς. Εἰς τὴν συζήτησιν ἔλαβον μέρος οἱ ἐκπρόσωποι τῶν ὀργανώσεων.

ΚΑΤΑΒΑΛΛΟΝΤΑΙ ΑΠΟ ΟΛΑΣ ΤΑΣ ΠΛΕΥΡΑΣ ΠΡΟΣΠΑΘΕΙΑΙ ΔΙ' ΕΠΙΛΥΣΙΝ ΤΩΝ ΑΙΤΗΜΑΤΩΝ ΤΟΥ ΠΡΟΣΩΠΙΚΟΥ ΟΑΣΘ

ΑΘΗΝΑΙ, 1.— Ὑπὸ τοῦ ἁρμοδίου ὑπουργείου ἀνεκοινώθη ὅτι κατόπιν μελέτης τῶν σχετικῶν στοιχείων ἀπεφασίσθη ἡ ἐφαρμογὴ τῶν μέτρων, τὰ ὁποῖα θὰ ἐπιτρέψουν τὴν ταχυτέραν διεκπεραίωσιν τῶν ὑποθέσεων καὶ τὴν ἀντιμετώπισιν τῶν ἀναγκῶν τῶν ἐνδιαφερομένων.

Ἐξ ἄλλου, ἐγνώσθη ὅτι αἱ ἐργασίαι θὰ συνεχισθοῦν κατὰ τὸ προσεχὲς διάστημα, ὥστε νὰ ὁλοκληρωθοῦν ἐντὸς τῶν προβλεπομένων προθεσμιῶν, ὑπὸ τὴν ἐποπτείαν τῶν ἁρμοδίων ὑπηρεσιῶν καὶ μὲ τὴν συνεργασίαν τῶν τοπικῶν ἀρχῶν.

ΙΔΙΟΚΤΗΤΑΙ ΦΟΡΤΗΓΩΝ

ΘΕΣΣΑΛΟΝΙΚΗ, 1.— Κατὰ τὴν χθεσινὴν συνεδρίασιν ἐξητάσθησαν τὰ ζητήματα τὰ ὁποῖα ἀπασχολοῦν τοὺς ἐνδιαφερομένους καὶ ἐλήφθησαν ἀποφάσεις, αἱ ὁποῖαι θὰ ἀνακοινωθοῦν προσεχῶς. Εἰς τὴν συζήτησιν ἔλαβον μέρος οἱ ἐκπρόσωποι τῶν ὀργανώσεων.

ΑΘΗΝΑΙ, 1.— Ὑπὸ τοῦ ἁρμοδίου ὑπουργείου ἀνεκοινώθη ὅτι κατόπιν μελέτης τῶν σχετικῶν στοιχείων ἀπεφασίσθη ἡ ἐφαρμογὴ τῶν μέτρων, τὰ ὁποῖα θὰ ἐπιτρέψουν τὴν ταχυτέραν διεκπεραίωσιν τῶν ὑποθέσεων καὶ τὴν ἀντιμετώπισιν τῶν ἀναγκῶν τῶν ἐνδιαφερομένων.
